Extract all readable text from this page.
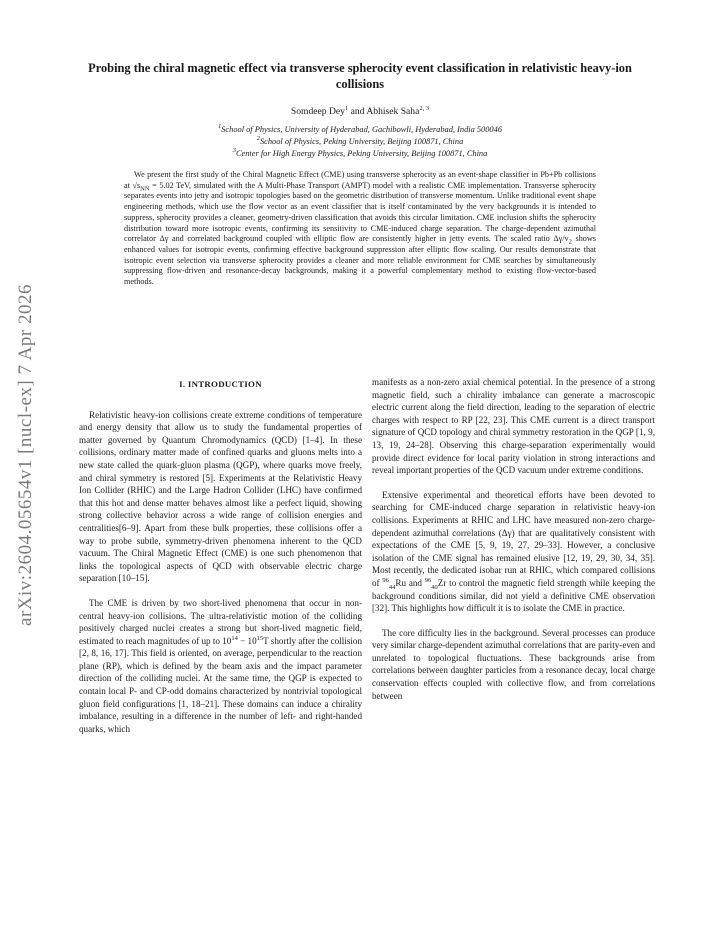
arXiv:2604.05654v1 [nucl-ex] 7 Apr 2026
Probing the chiral magnetic effect via transverse spherocity event classification in relativistic heavy-ion collisions
Somdeep Dey$^1$ and Abhisek Saha$^{2, 3}$
$^1$School of Physics, University of Hyderabad, Gachibowli, Hyderabad, India 500046
$^2$School of Physics, Peking University, Beijing 100871, China
$^3$Center for High Energy Physics, Peking University, Beijing 100871, China

We present the first study of the Chiral Magnetic Effect (CME) using transverse spherocity as an event-shape classifier in Pb+Pb collisions at $√s_{NN} = 5.02$ TeV, simulated with the A Multi-Phase Transport (AMPT) model with a realistic CME implementation. Transverse spherocity separates events into jetty and isotropic topologies based on the geometric distribution of transverse momentum. Unlike traditional event shape engineering methods, which use the flow vector as an event classifier that is itself contaminated by the very backgrounds it is intended to suppress, spherocity provides a cleaner, geometry-driven classification that avoids this circular limitation. CME inclusion shifts the spherocity distribution toward more isotropic events, confirming its sensitivity to CME-induced charge separation. The charge-dependent azimuthal correlator Δγ and correlated background coupled with elliptic flow are consistently higher in jetty events. The scaled ratio $\Delta\gamma/v_2$ shows enhanced values for isotropic events, confirming effective background suppression after elliptic flow scaling. Our results demonstrate that isotropic event selection via transverse spherocity provides a cleaner and more reliable environment for CME searches by simultaneously suppressing flow-driven and resonance-decay backgrounds, making it a powerful complementary method to existing flow-vector-based methods.

I. INTRODUCTION

Relativistic heavy-ion collisions create extreme conditions of temperature and energy density that allow us to study the fundamental properties of matter governed by Quantum Chromodynamics (QCD) [1–4]. In these collisions, ordinary matter made of confined quarks and gluons melts into a new state called the quark-gluon plasma (QGP), where quarks move freely, and chiral symmetry is restored [5]. Experiments at the Relativistic Heavy Ion Collider (RHIC) and the Large Hadron Collider (LHC) have confirmed that this hot and dense matter behaves almost like a perfect liquid, showing strong collective behavior across a wide range of collision energies and centralities[6–9]. Apart from these bulk properties, these collisions offer a way to probe subtle, symmetry-driven phenomena inherent to the QCD vacuum. The Chiral Magnetic Effect (CME) is one such phenomenon that links the topological aspects of QCD with observable electric charge separation [10–15].

The CME is driven by two short-lived phenomena that occur in non-central heavy-ion collisions. The ultra-relativistic motion of the colliding positively charged nuclei creates a strong but short-lived magnetic field, estimated to reach magnitudes of up to $10^{14} - 10^{15}T$ shortly after the collision [2, 8, 16, 17]. This field is oriented, on average, perpendicular to the reaction plane (RP), which is defined by the beam axis and the impact parameter direction of the colliding nuclei. At the same time, the QGP is expected to contain local P- and CP-odd domains characterized by nontrivial topological gluon field configurations [1, 18–21]. These domains can induce a chirality imbalance, resulting in a difference in the number of left- and right-handed quarks, which

manifests as a non-zero axial chemical potential. In the presence of a strong magnetic field, such a chirality imbalance can generate a macroscopic electric current along the field direction, leading to the separation of electric charges with respect to RP [22, 23]. This CME current is a direct transport signature of QCD topology and chiral symmetry restoration in the QGP [1, 9, 13, 19, 24–28]. Observing this charge-separation experimentally would provide direct evidence for local parity violation in strong interactions and reveal important properties of the QCD vacuum under extreme conditions.

Extensive experimental and theoretical efforts have been devoted to searching for CME-induced charge separation in relativistic heavy-ion collisions. Experiments at RHIC and LHC have measured non-zero charge-dependent azimuthal correlations (Δγ) that are qualitatively consistent with expectations of the CME [5, 9, 19, 27, 29–33]. However, a conclusive isolation of the CME signal has remained elusive [12, 19, 29, 30, 34, 35]. Most recently, the dedicated isobar run at RHIC, which compared collisions of $^{96}_{44}$Ru and $^{96}_{40}$Zr to control the magnetic field strength while keeping the background conditions similar, did not yield a definitive CME observation [32]. This highlights how difficult it is to isolate the CME in practice.

The core difficulty lies in the background. Several processes can produce very similar charge-dependent azimuthal correlations that are parity-even and unrelated to topological fluctuations. These backgrounds arise from correlations between daughter particles from a resonance decay, local charge conservation effects coupled with collective flow, and from correlations between
